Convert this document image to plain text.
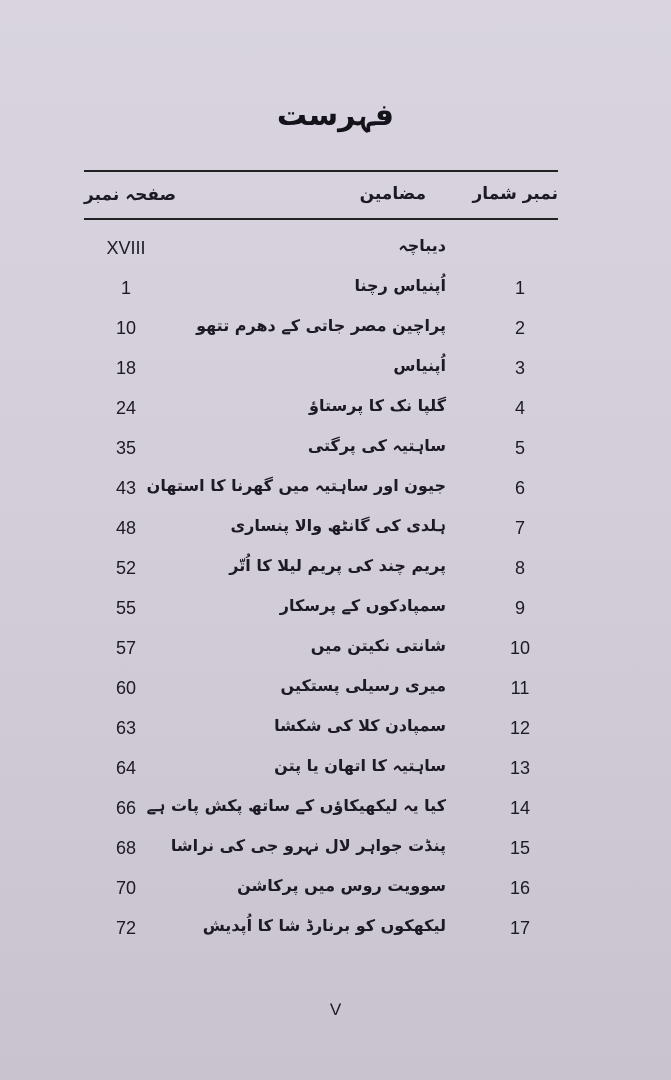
فہرست
نمبر شمار
مضامین
صفحہ نمبر
دیباچہ
XVIII
1
اُپنیاس رچنا
1
2
پراچین مصر جاتی کے دھرم تتھو
10
3
اُپنیاس
18
4
گلپا نک کا پرستاؤ
24
5
ساہتیہ کی پرگتی
35
6
جیون اور ساہتیہ میں گھرنا کا استھان
43
7
ہلدی کی گانٹھ والا پنساری
48
8
پریم چند کی پریم لیلا کا اُتّر
52
9
سمپادکوں کے پرسکار
55
10
شانتی نکیتن میں
57
11
میری رسیلی پستکیں
60
12
سمپادن کلا کی شکشا
63
13
ساہتیہ کا اتھان یا پتن
64
14
کیا یہ لیکھیکاؤں کے ساتھ پکش پات ہے
66
15
پنڈت جواہر لال نہرو جی کی نراشا
68
16
سوویت روس میں پرکاشن
70
17
لیکھکوں کو برنارڈ شا کا اُپدیش
72
V
